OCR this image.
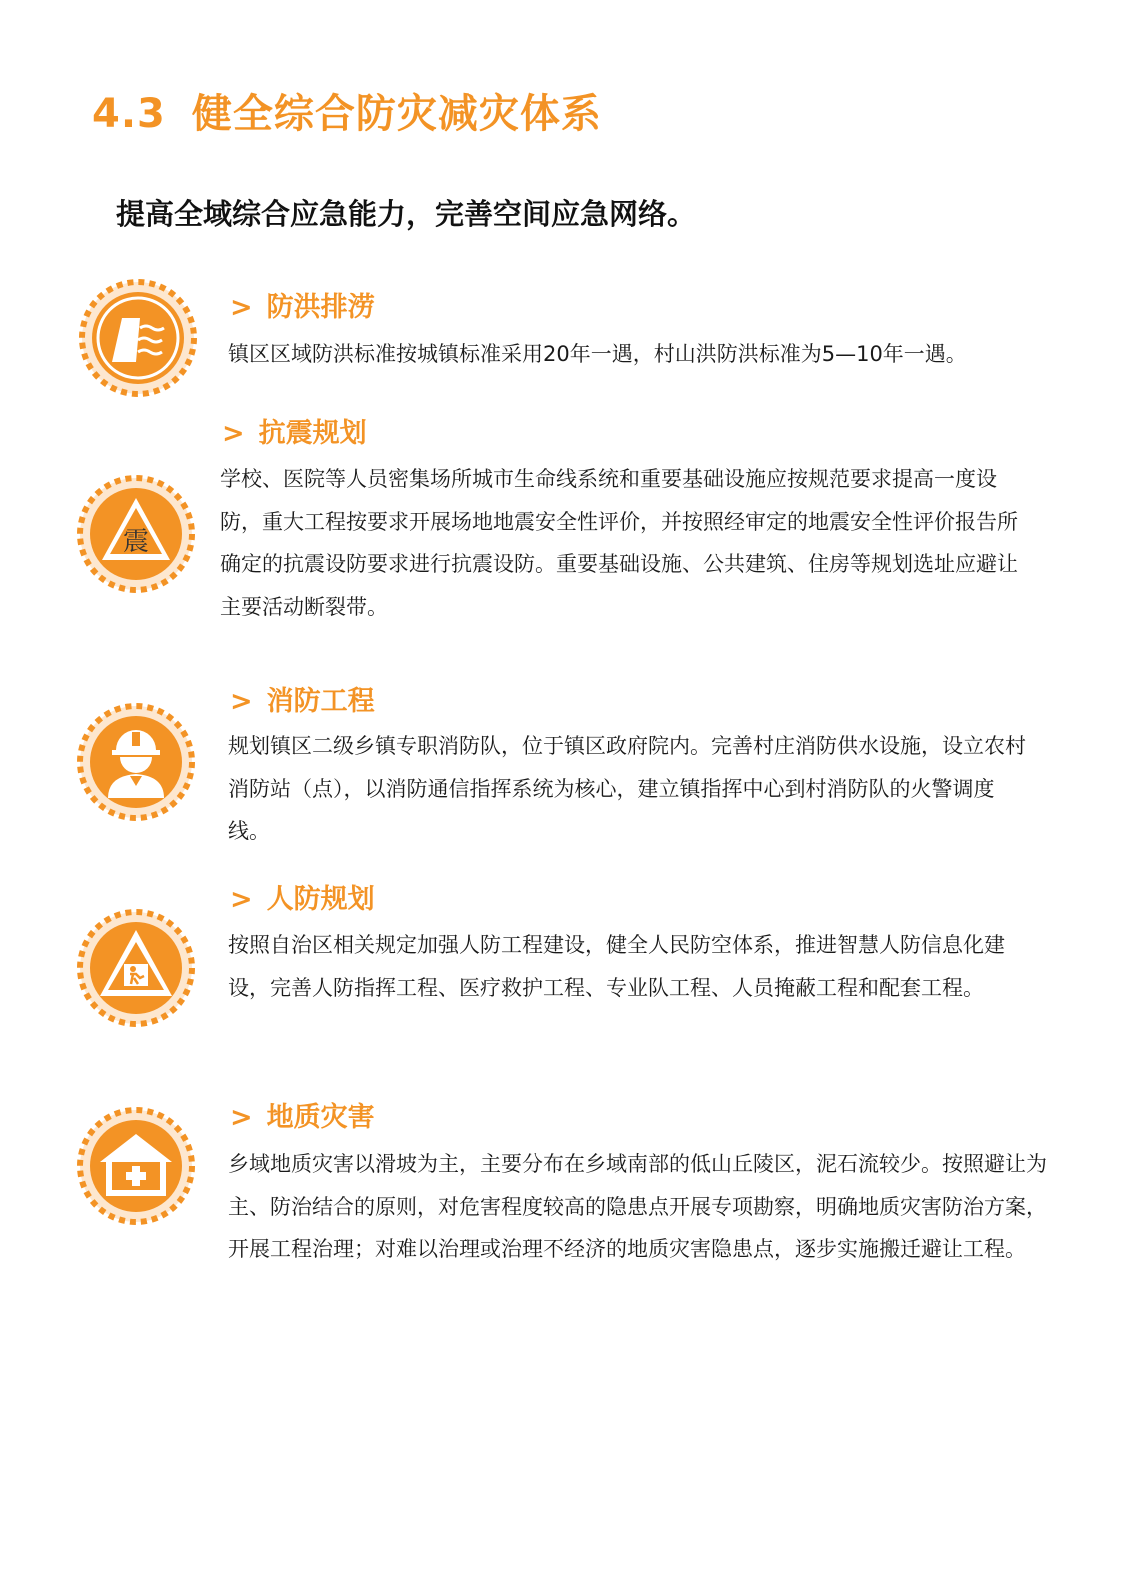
4.3 健全综合防灾减灾体系
提高全域综合应急能力，完善空间应急网络。
> 防洪排涝

镇区区域防洪标准按城镇标准采用20年一遇，村山洪防洪标准为5—10年一遇。

震
> 抗震规划

学校、医院等人员密集场所城市生命线系统和重要基础设施应按规范要求提高一度设防，重大工程按要求开展场地地震安全性评价，并按照经审定的地震安全性评价报告所确定的抗震设防要求进行抗震设防。重要基础设施、公共建筑、住房等规划选址应避让主要活动断裂带。

> 消防工程

规划镇区二级乡镇专职消防队，位于镇区政府院内。完善村庄消防供水设施，设立农村消防站（点），以消防通信指挥系统为核心，建立镇指挥中心到村消防队的火警调度线。

> 人防规划

按照自治区相关规定加强人防工程建设，健全人民防空体系，推进智慧人防信息化建设，完善人防指挥工程、医疗救护工程、专业队工程、人员掩蔽工程和配套工程。

> 地质灾害

乡域地质灾害以滑坡为主，主要分布在乡域南部的低山丘陵区，泥石流较少。按照避让为主、防治结合的原则，对危害程度较高的隐患点开展专项勘察，明确地质灾害防治方案，开展工程治理；对难以治理或治理不经济的地质灾害隐患点，逐步实施搬迁避让工程。
